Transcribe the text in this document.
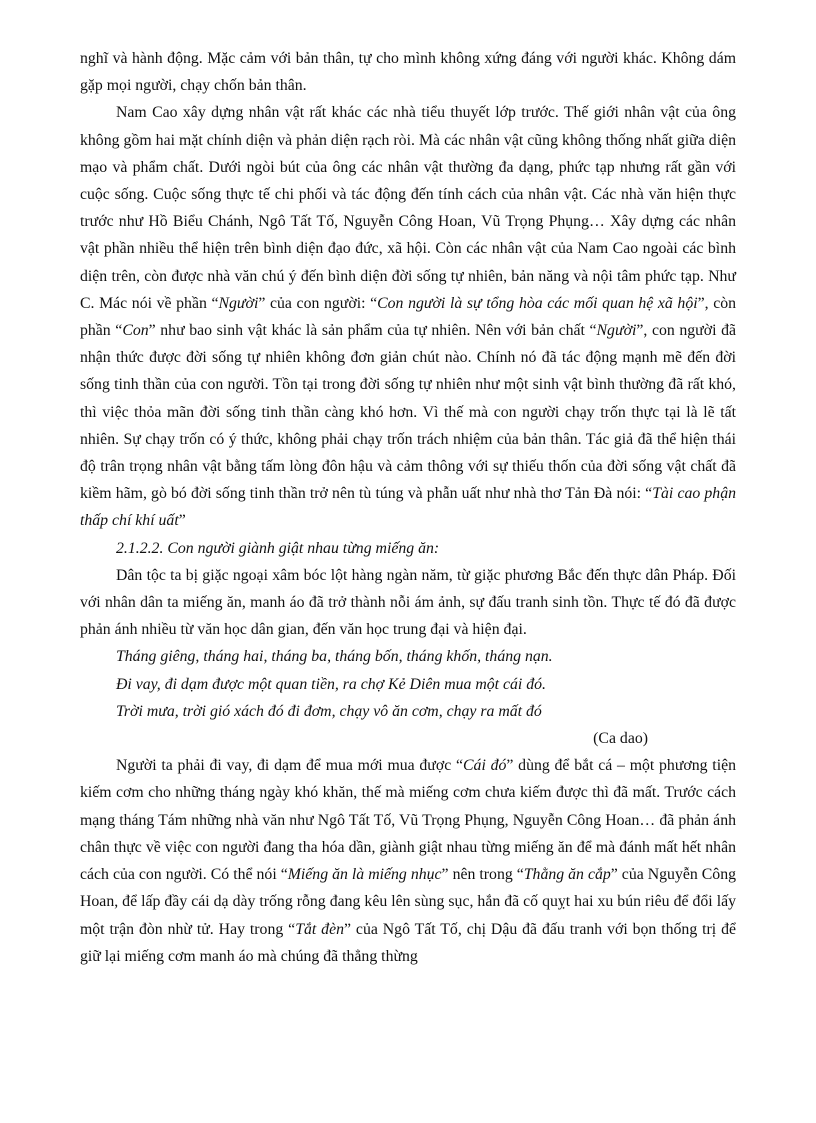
nghĩ và hành động. Mặc cảm với bản thân, tự cho mình không xứng đáng với người khác. Không dám gặp mọi người, chạy chốn bản thân.

Nam Cao xây dựng nhân vật rất khác các nhà tiểu thuyết lớp trước. Thế giới nhân vật của ông không gồm hai mặt chính diện và phản diện rạch ròi. Mà các nhân vật cũng không thống nhất giữa diện mạo và phẩm chất. Dưới ngòi bút của ông các nhân vật thường đa dạng, phức tạp nhưng rất gần với cuộc sống. Cuộc sống thực tế chi phối và tác động đến tính cách của nhân vật. Các nhà văn hiện thực trước như Hồ Biểu Chánh, Ngô Tất Tố, Nguyễn Công Hoan, Vũ Trọng Phụng… Xây dựng các nhân vật phần nhiều thể hiện trên bình diện đạo đức, xã hội. Còn các nhân vật của Nam Cao ngoài các bình diện trên, còn được nhà văn chú ý đến bình diện đời sống tự nhiên, bản năng và nội tâm phức tạp. Như C. Mác nói về phần “Người” của con người: “Con người là sự tổng hòa các mối quan hệ xã hội”, còn phần “Con” như bao sinh vật khác là sản phẩm của tự nhiên. Nên với bản chất “Người”, con người đã nhận thức được đời sống tự nhiên không đơn giản chút nào. Chính nó đã tác động mạnh mẽ đến đời sống tinh thần của con người. Tồn tại trong đời sống tự nhiên như một sinh vật bình thường đã rất khó, thì việc thỏa mãn đời sống tinh thần càng khó hơn. Vì thế mà con người chạy trốn thực tại là lẽ tất nhiên. Sự chạy trốn có ý thức, không phải chạy trốn trách nhiệm của bản thân. Tác giả đã thể hiện thái độ trân trọng nhân vật bằng tấm lòng đôn hậu và cảm thông với sự thiếu thốn của đời sống vật chất đã kiềm hãm, gò bó đời sống tinh thần trở nên tù túng và phẫn uất như nhà thơ Tản Đà nói: “Tài cao phận thấp chí khí uất”

2.1.2.2. Con người giành giật nhau từng miếng ăn:

Dân tộc ta bị giặc ngoại xâm bóc lột hàng ngàn năm, từ giặc phương Bắc đến thực dân Pháp. Đối với nhân dân ta miếng ăn, manh áo đã trở thành nỗi ám ảnh, sự đấu tranh sinh tồn. Thực tế đó đã được phản ánh nhiều từ văn học dân gian, đến văn học trung đại và hiện đại.

Tháng giêng, tháng hai, tháng ba, tháng bốn, tháng khốn, tháng nạn.

Đi vay, đi dạm được một quan tiền, ra chợ Kẻ Diên mua một cái đó.

Trời mưa, trời gió xách đó đi đơm, chạy vô ăn cơm, chạy ra mất đó

(Ca dao)

Người ta phải đi vay, đi dạm để mua mới mua được “Cái đó” dùng để bắt cá – một phương tiện kiếm cơm cho những tháng ngày khó khăn, thế mà miếng cơm chưa kiếm được thì đã mất. Trước cách mạng tháng Tám những nhà văn như Ngô Tất Tố, Vũ Trọng Phụng, Nguyễn Công Hoan… đã phản ánh chân thực về việc con người đang tha hóa dần, giành giật nhau từng miếng ăn để mà đánh mất hết nhân cách của con người. Có thể nói “Miếng ăn là miếng nhục” nên trong “Thằng ăn cắp” của Nguyễn Công Hoan, để lấp đầy cái dạ dày trống rỗng đang kêu lên sùng sục, hắn đã cố quỵt hai xu bún riêu để đổi lấy một trận đòn nhừ tử. Hay trong “Tắt đèn” của Ngô Tất Tố, chị Dậu đã đấu tranh với bọn thống trị để giữ lại miếng cơm manh áo mà chúng đã thẳng thừng
